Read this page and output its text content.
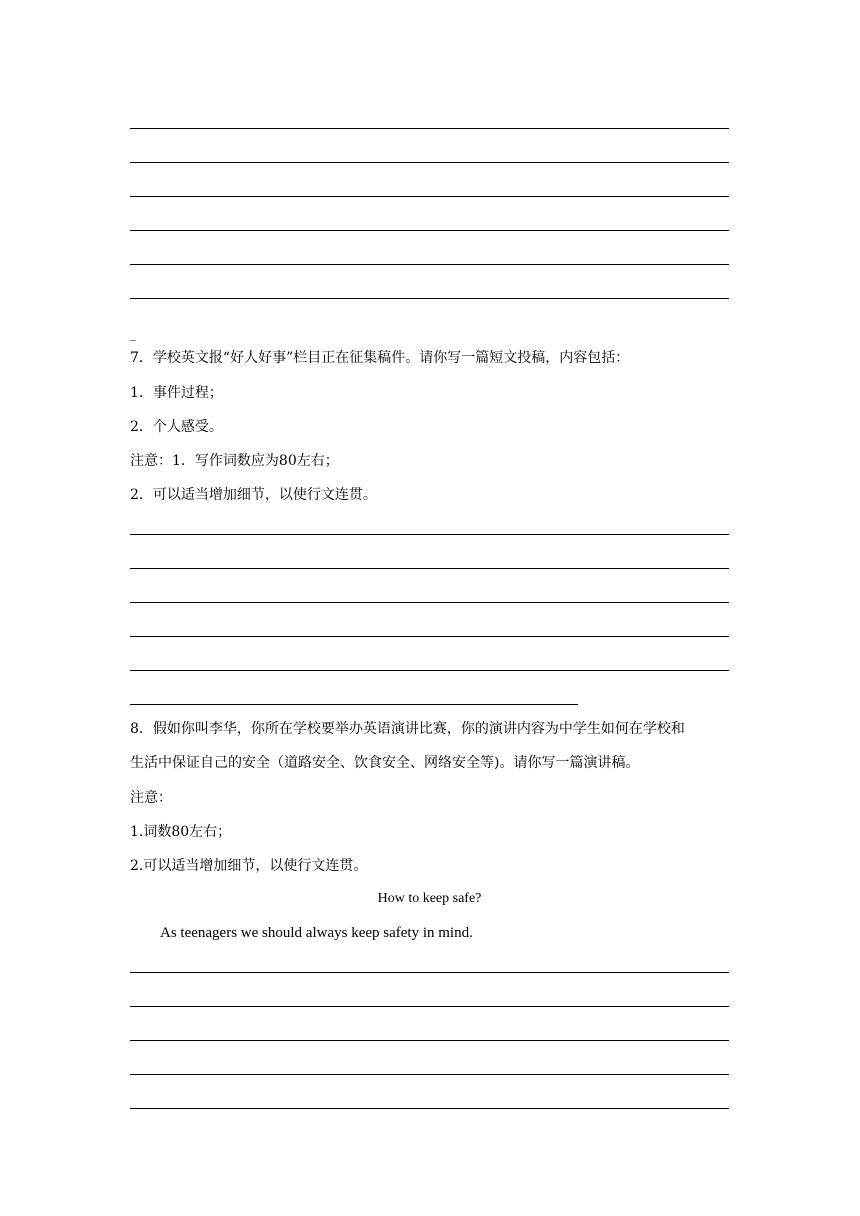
_
7．学校英文报“好人好事”栏目正在征集稿件。请你写一篇短文投稿，内容包括：
1．事件过程；
2．个人感受。
注意：1．写作词数应为80左右；
2．可以适当增加细节，以使行文连贯。
8．假如你叫李华，你所在学校要举办英语演讲比赛，你的演讲内容为中学生如何在学校和
生活中保证自己的安全（道路安全、饮食安全、网络安全等)。请你写一篇演讲稿。
注意：
1.词数80左右；
2.可以适当增加细节，以使行文连贯。
How to keep safe?
As teenagers we should always keep safety in mind.
